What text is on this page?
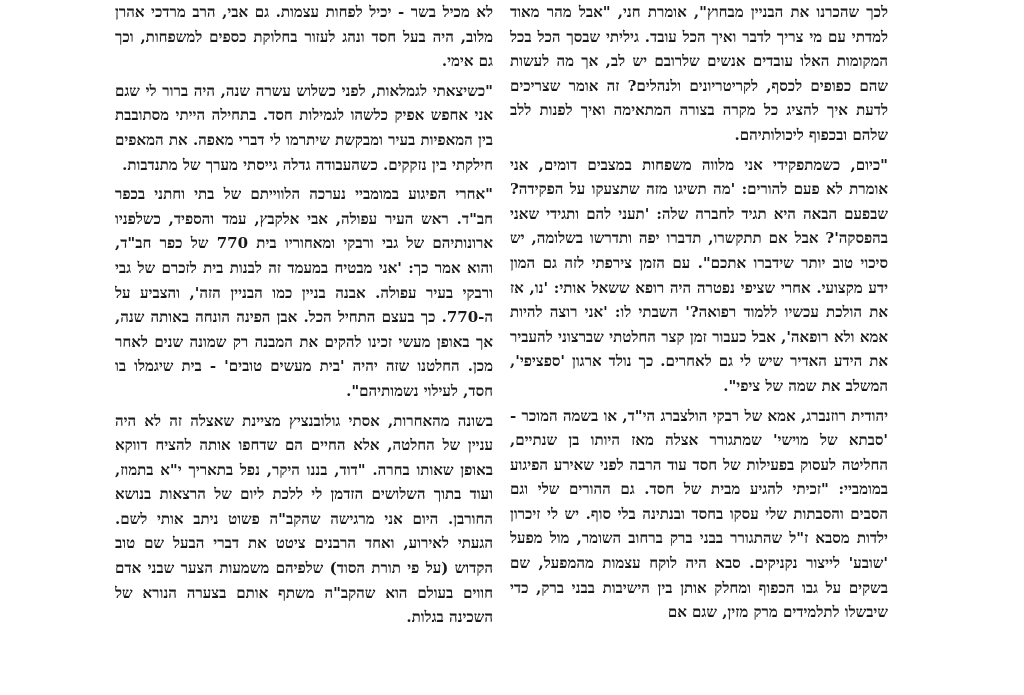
לכך שהכרנו את הבניין מבחוץ", אומרת חני, "אבל מהר מאוד למדתי עם מי צריך לדבר ואיך הכל עובד. גיליתי שבסך הכל בכל המקומות האלו עובדים אנשים שלרובם יש לב, אך מה לעשות שהם כפופים לכסף, לקריטריונים ולנהלים? זה אומר שצריכים לדעת איך להציג כל מקרה בצורה המתאימה ואיך לפנות ללב שלהם ובכפוף ליכולותיהם.

"כיום, כשמתפקידי אני מלווה משפחות במצבים דומים, אני אומרת לא פעם להורים: 'מה תשיגו מזה שתצעקו על הפקידה? שבפעם הבאה היא תגיד לחברה שלה: 'תעני להם ותגידי שאני בהפסקה'? אבל אם תתקשרו, תדברו יפה ותדרשו בשלומה, יש סיכוי טוב יותר שידברו אתכם". עם הזמן צירפתי לזה גם המון ידע מקצועי. אחרי שציפי נפטרה היה רופא ששאל אותי: 'נו, אז את הולכת עכשיו ללמוד רפואה?' השבתי לו: 'אני רוצה להיות אמא ולא רופאה', אבל כעבור זמן קצר החלטתי שברצוני להעביר את הידע האדיר שיש לי גם לאחרים. כך נולד ארגון 'ספציפי', המשלב את שמה של ציפי".

יהודית רוזנברג, אמא של רבקי הולצברג הי"ד, או בשמה המוכר - 'סבתא של מוישי' שמתגורר אצלה מאז היותו בן שנתיים, החליטה לעסוק בפעילות של חסד עוד הרבה לפני שאירע הפיגוע במומביי: "זכיתי להגיע מבית של חסד. גם ההורים שלי וגם הסבים והסבתות שלי עסקו בחסד ובנתינה בלי סוף. יש לי זיכרון ילדות מסבא ז"ל שהתגורר בבני ברק ברחוב השומר, מול מפעל 'שובע' לייצור נקניקים. סבא היה לוקח עצמות מהמפעל, שם בשקים על גבו הכפוף ומחלק אותן בין הישיבות בבני ברק, כדי שיבשלו לתלמידים מרק מזין, שגם אם

לא מכיל בשר - יכיל לפחות עצמות. גם אבי, הרב מרדכי אהרן מלוב, היה בעל חסד ונהג לעזור בחלוקת כספים למשפחות, וכך גם אימי.

"כשיצאתי לגמלאות, לפני כשלוש עשרה שנה, היה ברור לי שגם אני אחפש אפיק כלשהו לגמילות חסד. בתחילה הייתי מסתובבת בין המאפיות בעיר ומבקשת שיתרמו לי דברי מאפה. את המאפים חילקתי בין נזקקים. כשהעבודה גדלה גייסתי מערך של מתנדבות.

"אחרי הפיגוע במומביי נערכה הלווייתם של בתי וחתני בכפר חב"ד. ראש העיר עפולה, אבי אלקבץ, עמד והספיד, כשלפניו ארונותיהם של גבי ורבקי ומאחוריו בית 770 של כפר חב"ד, והוא אמר כך: 'אני מבטיח במעמד זה לבנות בית לזכרם של גבי ורבקי בעיר עפולה. אבנה בניין כמו הבניין הזה', והצביע על ה-770. כך בעצם התחיל הכל. אבן הפינה הונחה באותה שנה, אך באופן מעשי זכינו להקים את המבנה רק שמונה שנים לאחר מכן. החלטנו שזה יהיה 'בית מעשים טובים' - בית שיגמלו בו חסד, לעילוי נשמותיהם".

בשונה מהאחרות, אסתי גולובנציץ מציינת שאצלה זה לא היה עניין של החלטה, אלא החיים הם שדחפו אותה להציח דווקא באופן שאותו בחרה. "דוד, בננו היקר, נפל בתאריך י"א בתמוז, ועוד בתוך השלושים הזדמן לי ללכת ליום של הרצאות בנושא החורבן. היום אני מרגישה שהקב"ה פשוט ניתב אותי לשם. הגעתי לאירוע, ואחד הרבנים ציטט את דברי הבעל שם טוב הקדוש (על פי תורת הסוד) שלפיהם משמעות הצער שבני אדם חווים בעולם הוא שהקב"ה משתף אותם בצערה הנורא של השכינה בגלות.
